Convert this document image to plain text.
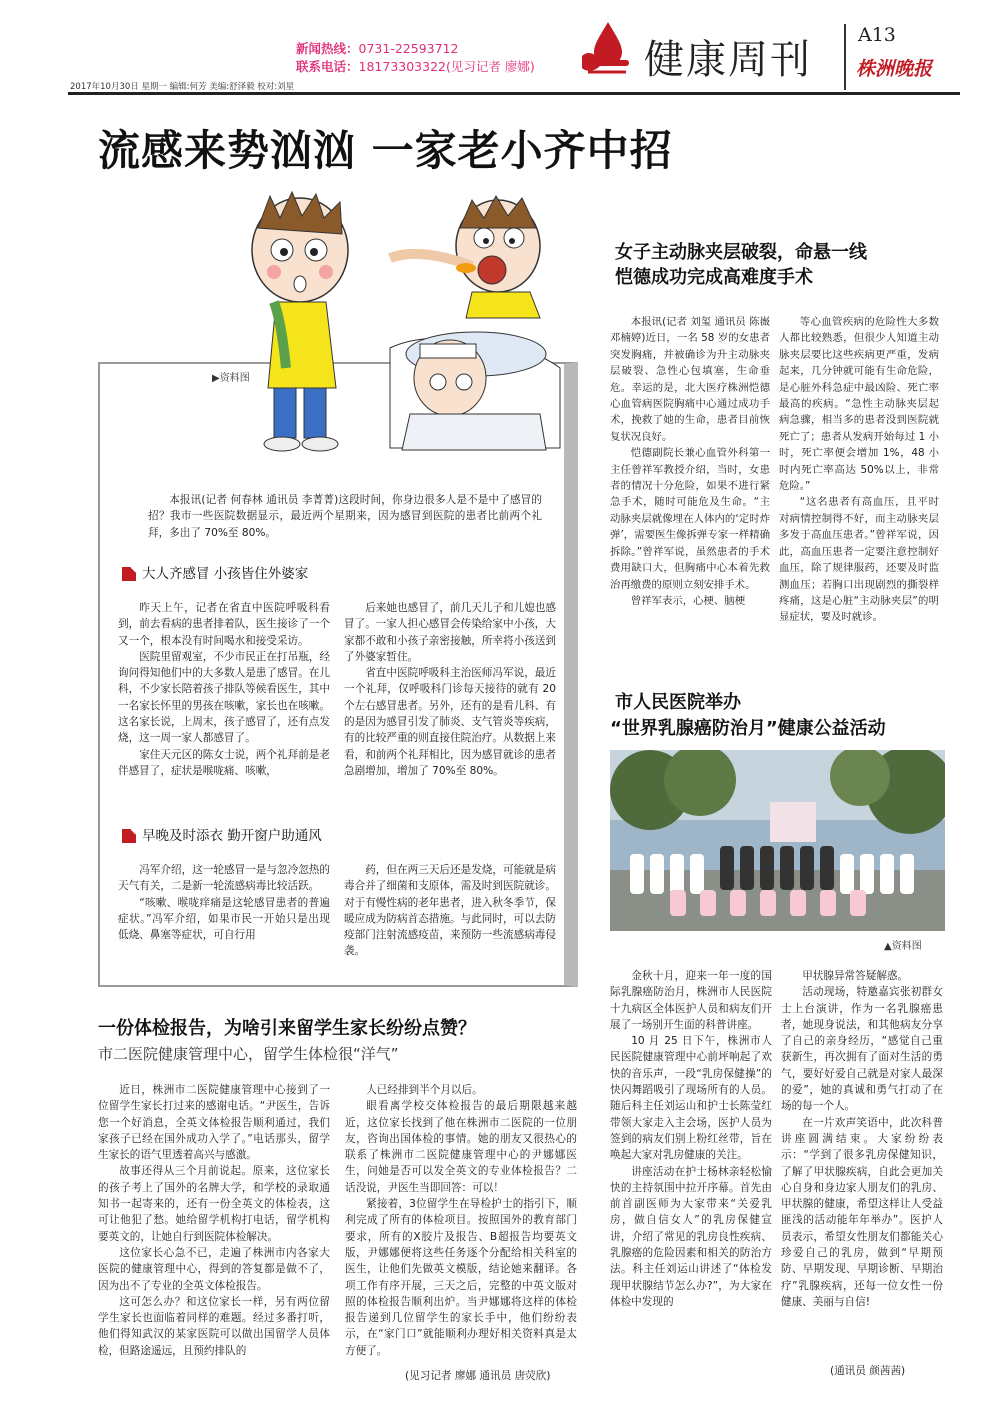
新闻热线：0731-22593712
联系电话：18173303322(见习记者 廖娜)
2017年10月30日 星期一 编辑:何芳 美编:舒泽毅 校对:刘星
健康周刊
A13
株洲晚报
流感来势汹汹 一家老小齐中招
▶资料图

本报讯(记者 何春林 通讯员 李菁菁)这段时间，你身边很多人是不是中了感冒的招？我市一些医院数据显示，最近两个星期来，因为感冒到医院的患者比前两个礼拜，多出了 70%至 80%。

大人齐感冒 小孩皆住外婆家

昨天上午，记者在省直中医院呼吸科看到，前去看病的患者排着队，医生接诊了一个又一个，根本没有时间喝水和接受采访。
医院里留观室，不少市民正在打吊瓶，经询问得知他们中的大多数人是患了感冒。在儿科，不少家长陪着孩子排队等候看医生，其中一名家长怀里的男孩在咳嗽，家长也在咳嗽。这名家长说，上周末，孩子感冒了，还有点发烧，这一周一家人都感冒了。
家住天元区的陈女士说，两个礼拜前是老伴感冒了，症状是喉咙痛、咳嗽，

后来她也感冒了，前几天儿子和儿媳也感冒了。一家人担心感冒会传染给家中小孩，大家都不敢和小孩子亲密接触，所幸将小孩送到了外婆家暂住。
省直中医院呼吸科主治医师冯军说，最近一个礼拜，仅呼吸科门诊每天接待的就有 20 个左右感冒患者。另外，还有的是看儿科、有的是因为感冒引发了肺炎、支气管炎等疾病，有的比较严重的则直接住院治疗。从数据上来看，和前两个礼拜相比，因为感冒就诊的患者急剧增加，增加了 70%至 80%。

早晚及时添衣 勤开窗户助通风

冯军介绍，这一轮感冒一是与忽冷忽热的天气有关，二是新一轮流感病毒比较活跃。
“咳嗽、喉咙痒痛是这轮感冒患者的普遍症状。”冯军介绍，如果市民一开始只是出现低烧、鼻塞等症状，可自行用

药，但在两三天后还是发烧，可能就是病毒合并了细菌和支原体，需及时到医院就诊。对于有慢性病的老年患者，进入秋冬季节，保暖应成为防病首态措施。与此同时，可以去防疫部门注射流感疫苗，来预防一些流感病毒侵袭。

女子主动脉夹层破裂，命悬一线
恺德成功完成高难度手术

本报讯(记者 刘玺 通讯员 陈嶶 邓楠婷)近日，一名 58 岁的女患者突发胸痛，并被确诊为升主动脉夹层破裂、急性心包填塞，生命垂危。幸运的是，北大医疗株洲恺德心血管病医院胸痛中心通过成功手术，挽救了她的生命，患者目前恢复状况良好。
恺德副院长兼心血管外科第一主任曾祥军教授介绍，当时，女患者的情况十分危险，如果不进行紧急手术，随时可能危及生命。“主动脉夹层就像埋在人体内的‘定时炸弹’，需要医生像拆弹专家一样精确拆除。”曾祥军说，虽然患者的手术费用缺口大，但胸痛中心本着先救治再缴费的原则立刻安排手术。
曾祥军表示，心梗、脑梗

等心血管疾病的危险性大多数人都比较熟悉，但很少人知道主动脉夹层要比这些疾病更严重，发病起来，几分钟就可能有生命危险，是心脏外科急症中最凶险、死亡率最高的疾病。“急性主动脉夹层起病急骤，相当多的患者没到医院就死亡了；患者从发病开始每过 1 小时，死亡率便会增加 1%，48 小时内死亡率高达 50%以上，非常危险。”
“这名患者有高血压，且平时对病情控制得不好，而主动脉夹层多发于高血压患者。”曾祥军说，因此，高血压患者一定要注意控制好血压，除了规律服药，还要及时监测血压；若胸口出现剧烈的撕裂样疼痛，这是心脏“主动脉夹层”的明显症状，要及时就诊。

市人民医院举办
“世界乳腺癌防治月”健康公益活动
▲资料图

金秋十月，迎来一年一度的国际乳腺癌防治月，株洲市人民医院十九病区全体医护人员和病友们开展了一场别开生面的科普讲座。
10 月 25 日下午，株洲市人民医院健康管理中心前坪响起了欢快的音乐声，一段“乳房保健操”的快闪舞蹈吸引了现场所有的人员。随后科主任刘运山和护士长陈莹红带领大家走入主会场，医护人员为签到的病友们别上粉红丝带，旨在唤起大家对乳房健康的关注。
讲座活动在护士杨林亲轻松愉快的主持氛围中拉开序幕。首先由前首副医师为大家带来“关爱乳房，做自信女人”的乳房保健宣讲，介绍了常见的乳房良性疾病、乳腺癌的危险因素和相关的防治方法。科主任刘运山讲述了“体检发现甲状腺结节怎么办?”，为大家在体检中发现的

甲状腺异常答疑解惑。
活动现场，特邀嘉宾张初群女士上台演讲，作为一名乳腺癌患者，她现身说法，和其他病友分享了自己的亲身经历，“感觉自己重获新生，再次拥有了面对生活的勇气，要好好爱自己就是对家人最深的爱”，她的真诚和勇气打动了在场的每一个人。
在一片欢声笑语中，此次科普讲座圆满结束。大家纷纷表示：“学到了很多乳房保健知识，了解了甲状腺疾病，自此会更加关心自身和身边家人朋友们的乳房、甲状腺的健康，希望这样让人受益匪浅的活动能年年举办”。医护人员表示，希望女性朋友们都能关心珍爱自己的乳房，做到“早期预防、早期发现、早期诊断、早期治疗”乳腺疾病，还每一位女性一份健康、美丽与自信!

(通讯员 颜茜茜)
一份体检报告，为啥引来留学生家长纷纷点赞？
市二医院健康管理中心，留学生体检很“洋气”

近日，株洲市二医院健康管理中心接到了一位留学生家长打过来的感谢电话。“尹医生，告诉您一个好消息，全英文体检报告顺利通过，我们家孩子已经在国外成功入学了。”电话那头，留学生家长的语气里透着高兴与感激。
故事还得从三个月前说起。原来，这位家长的孩子考上了国外的名牌大学，和学校的录取通知书一起寄来的，还有一份全英文的体检表，这可让他犯了愁。她给留学机构打电话，留学机构要英文的，让她自行到医院体检解决。
这位家长心急不已，走遍了株洲市内各家大医院的健康管理中心，得到的答复都是做不了，因为出不了专业的全英文体检报告。
这可怎么办？和这位家长一样，另有两位留学生家长也面临着同样的难题。经过多番打听，他们得知武汉的某家医院可以做出国留学人员体检，但路途遥远，且预约排队的

人已经排到半个月以后。
眼看离学校交体检报告的最后期限越来越近，这位家长找到了他在株洲市二医院的一位朋友，咨询出国体检的事情。她的朋友又很热心的联系了株洲市二医院健康管理中心的尹娜娜医生，问她是否可以发全英文的专业体检报告？二话没说，尹医生当即回答：可以！
紧接着，3位留学生在导检护士的指引下，顺利完成了所有的体检项目。按照国外的教育部门要求，所有的X胶片及报告、B超报告均要英文版，尹娜娜便将这些任务逐个分配给相关科室的医生，让他们先做英文模版，结论她来翻译。各项工作有序开展，三天之后，完整的中英文版对照的体检报告顺利出炉。当尹娜娜将这样的体检报告递到几位留学生的家长手中，他们纷纷表示，在“家门口”就能顺利办理好相关资料真是太方便了。

(见习记者 廖娜 通讯员 唐荧欣)
